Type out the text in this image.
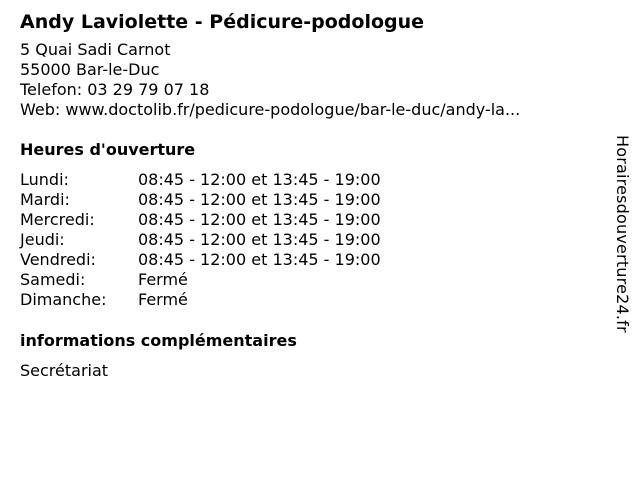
Andy Laviolette - Pédicure-podologue
5 Quai Sadi Carnot
55000 Bar-le-Duc
Telefon: 03 29 79 07 18
Web: www.doctolib.fr/pedicure-podologue/bar-le-duc/andy-la...
Heures d'ouverture
Lundi:	08:45 - 12:00 et 13:45 - 19:00
Mardi:	08:45 - 12:00 et 13:45 - 19:00
Mercredi:	08:45 - 12:00 et 13:45 - 19:00
Jeudi:	08:45 - 12:00 et 13:45 - 19:00
Vendredi:	08:45 - 12:00 et 13:45 - 19:00
Samedi:	Fermé
Dimanche:	Fermé
informations complémentaires
Secrétariat
Horairesdouverture24.fr
